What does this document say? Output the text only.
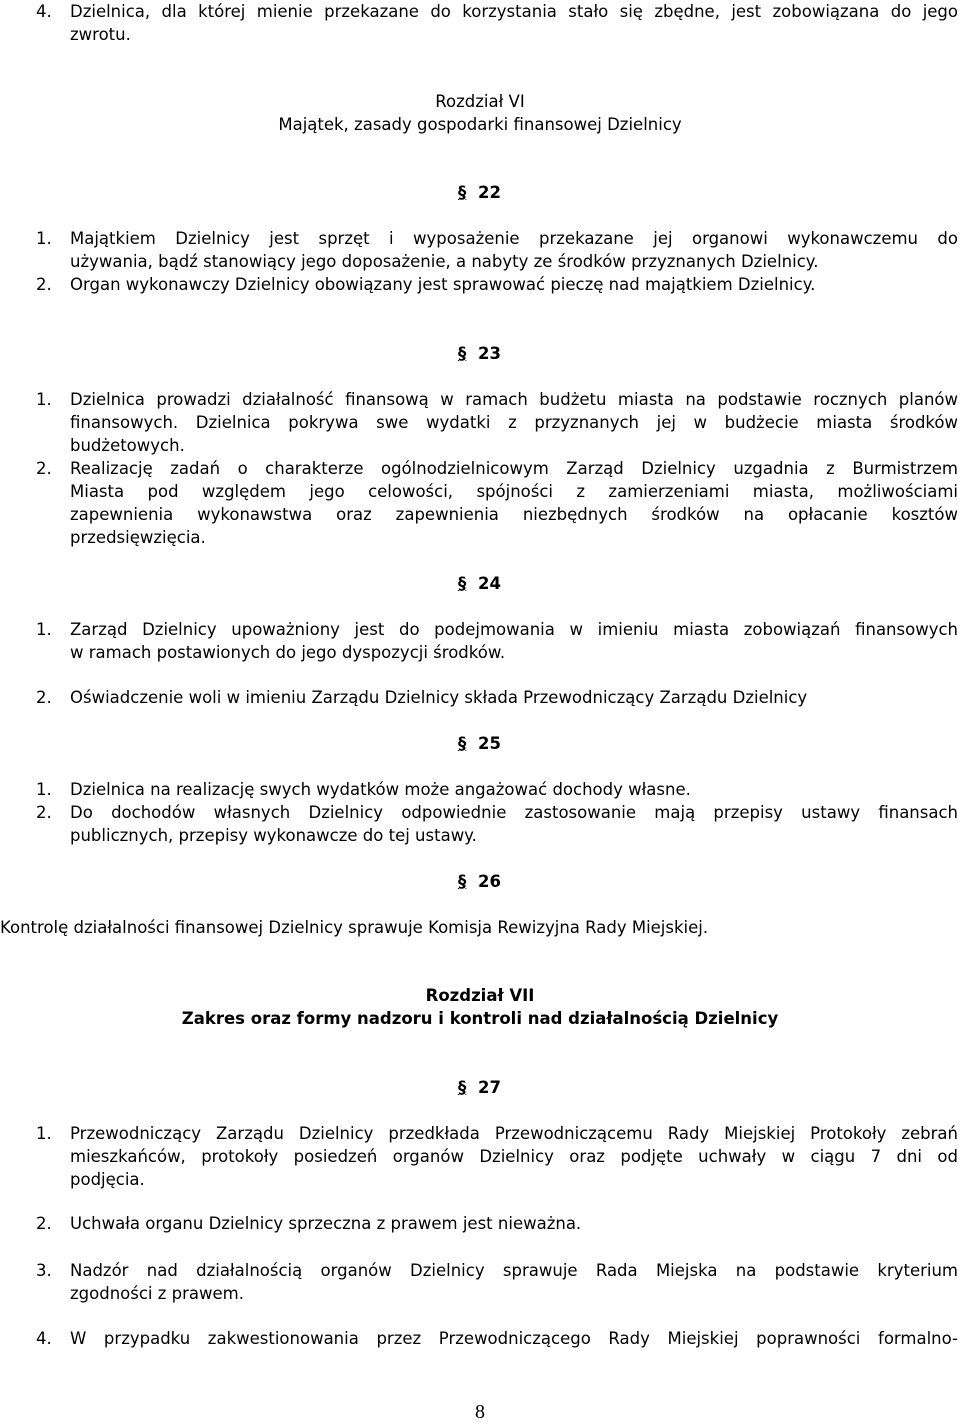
4.	Dzielnica, dla której mienie przekazane do korzystania stało się zbędne, jest zobowiązana do jego
zwrotu.
Rozdział VI
Majątek, zasady gospodarki finansowej Dzielnicy
§ 22
1.	Majątkiem Dzielnicy jest sprzęt i wyposażenie przekazane jej organowi wykonawczemu do
używania, bądź stanowiący jego doposażenie, a nabyty ze środków przyznanych Dzielnicy.
2.	Organ wykonawczy Dzielnicy obowiązany jest sprawować pieczę nad majątkiem Dzielnicy.
§ 23
1.	Dzielnica prowadzi działalność finansową w ramach budżetu miasta na podstawie rocznych planów
finansowych. Dzielnica pokrywa swe wydatki z przyznanych jej w budżecie miasta środków
budżetowych.
2.	Realizację zadań o charakterze ogólnodzielnicowym Zarząd Dzielnicy uzgadnia z Burmistrzem
Miasta pod względem jego celowości, spójności z zamierzeniami miasta, możliwościami
zapewnienia wykonawstwa oraz zapewnienia niezbędnych środków na opłacanie kosztów
przedsięwzięcia.
§ 24
1.	Zarząd Dzielnicy upoważniony jest do podejmowania w imieniu miasta zobowiązań finansowych
w ramach postawionych do jego dyspozycji środków.
2.	Oświadczenie woli w imieniu Zarządu Dzielnicy składa Przewodniczący Zarządu Dzielnicy
§ 25
1.	Dzielnica na realizację swych wydatków może angażować dochody własne.
2.	Do dochodów własnych Dzielnicy odpowiednie zastosowanie mają przepisy ustawy finansach
publicznych, przepisy wykonawcze do tej ustawy.
§ 26
Kontrolę działalności finansowej Dzielnicy sprawuje Komisja Rewizyjna Rady Miejskiej.
Rozdział VII
Zakres oraz formy nadzoru i kontroli nad działalnością Dzielnicy
§ 27
1.	Przewodniczący Zarządu Dzielnicy przedkłada Przewodniczącemu Rady Miejskiej Protokoły zebrań
mieszkańców, protokoły posiedzeń organów Dzielnicy oraz podjęte uchwały w ciągu 7 dni od
podjęcia.
2.	Uchwała organu Dzielnicy sprzeczna z prawem jest nieważna.
3.	Nadzór nad działalnością organów Dzielnicy sprawuje Rada Miejska na podstawie kryterium
zgodności z prawem.
4.	W przypadku zakwestionowania przez Przewodniczącego Rady Miejskiej poprawności formalno-
8
